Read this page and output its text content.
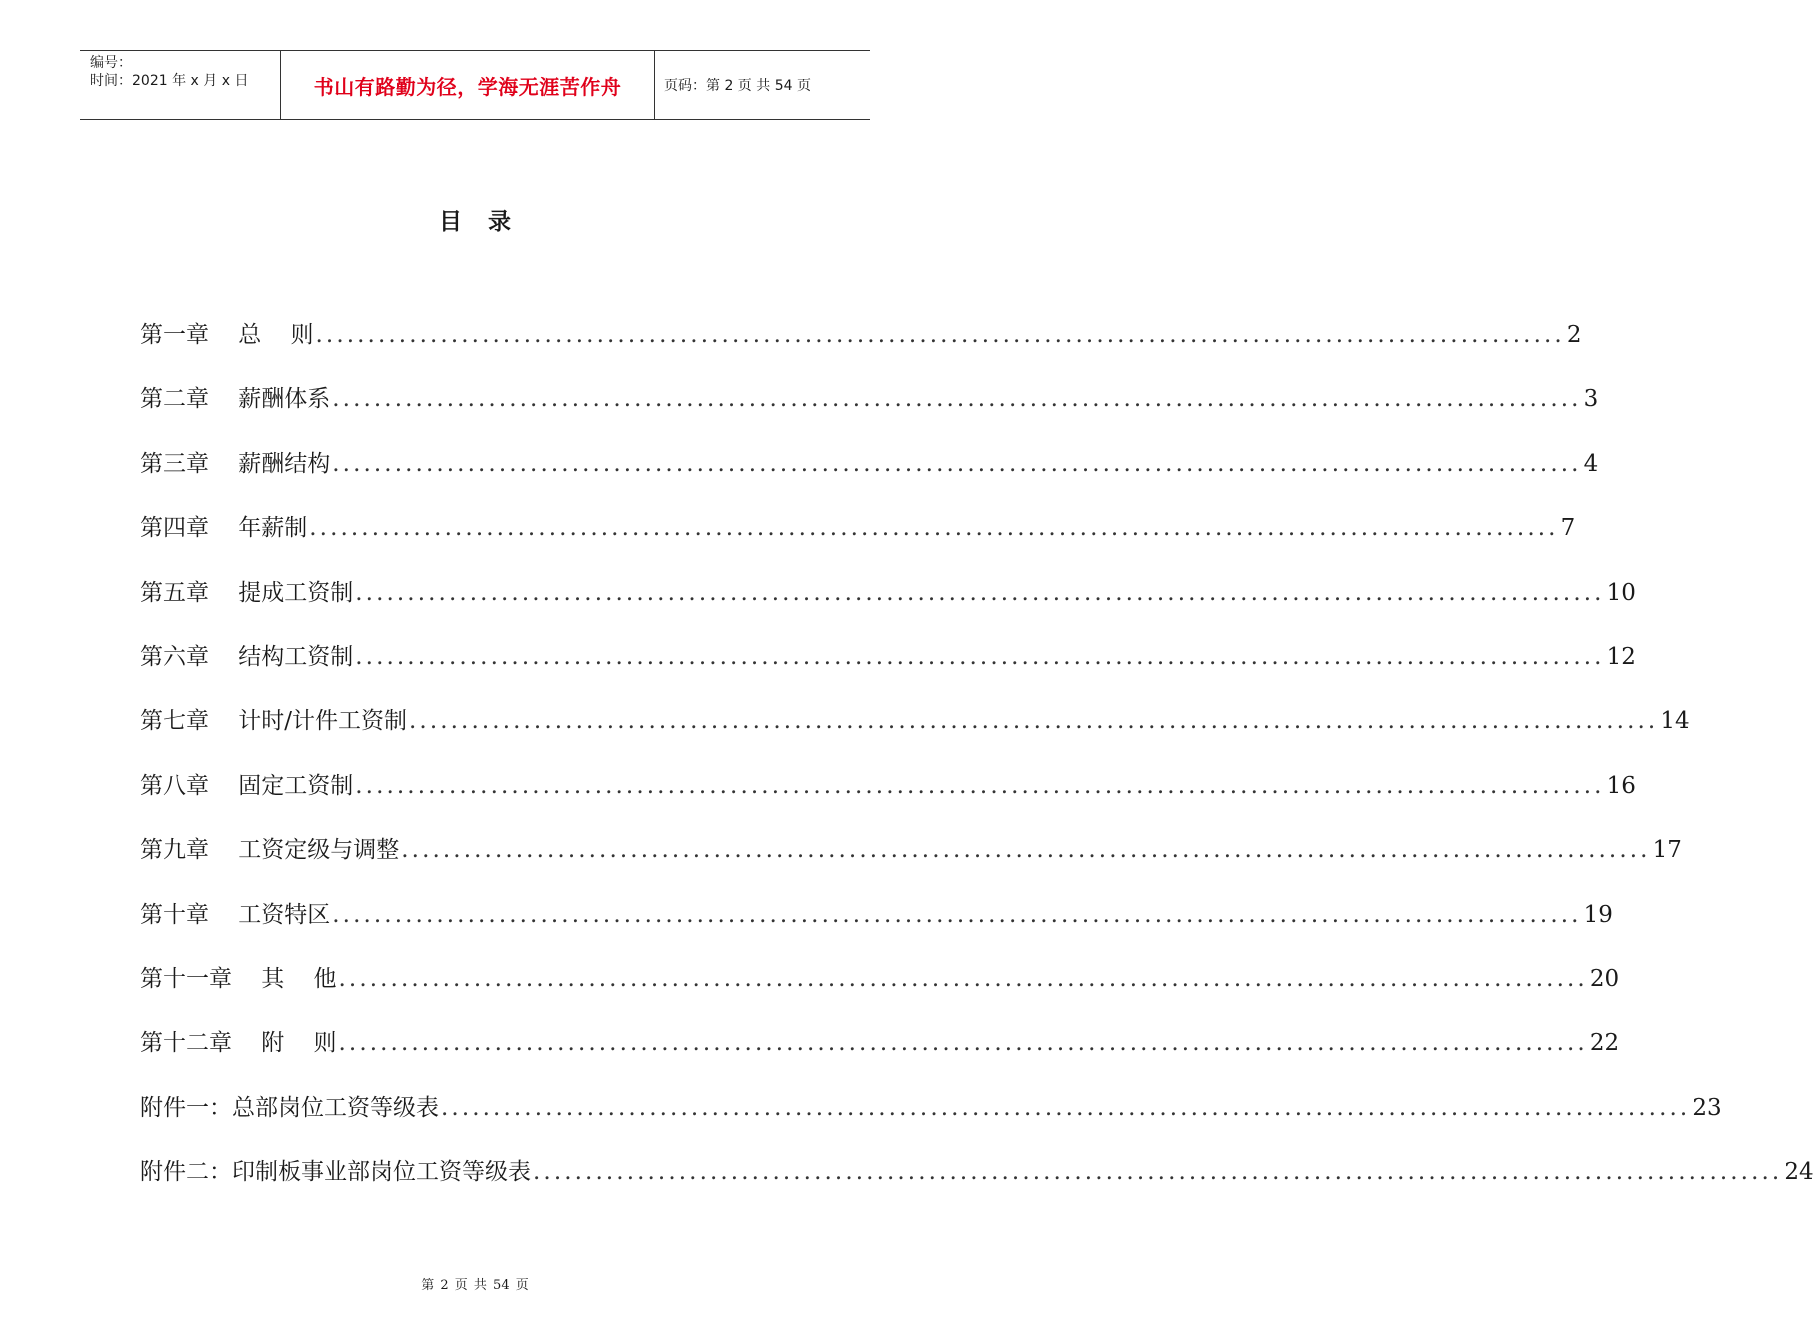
编号：
时间：2021 年 x 月 x 日	书山有路勤为径，学海无涯苦作舟	页码：第 2 页 共 54 页
目录
第一章    总    则 ........................................................................................................................ 2
第二章    薪酬体系 ........................................................................................................................ 3
第三章    薪酬结构 ........................................................................................................................ 4
第四章    年薪制 ........................................................................................................................ 7
第五章    提成工资制 ........................................................................................................................ 10
第六章    结构工资制 ........................................................................................................................ 12
第七章    计时/计件工资制 ........................................................................................................................ 14
第八章    固定工资制 ........................................................................................................................ 16
第九章    工资定级与调整 ........................................................................................................................ 17
第十章    工资特区 ........................................................................................................................ 19
第十一章    其    他 ........................................................................................................................ 20
第十二章    附    则 ........................................................................................................................ 22
附件一：总部岗位工资等级表 ........................................................................................................................ 23
附件二：印制板事业部岗位工资等级表 ........................................................................................................................ 24
第 2 页 共 54 页
